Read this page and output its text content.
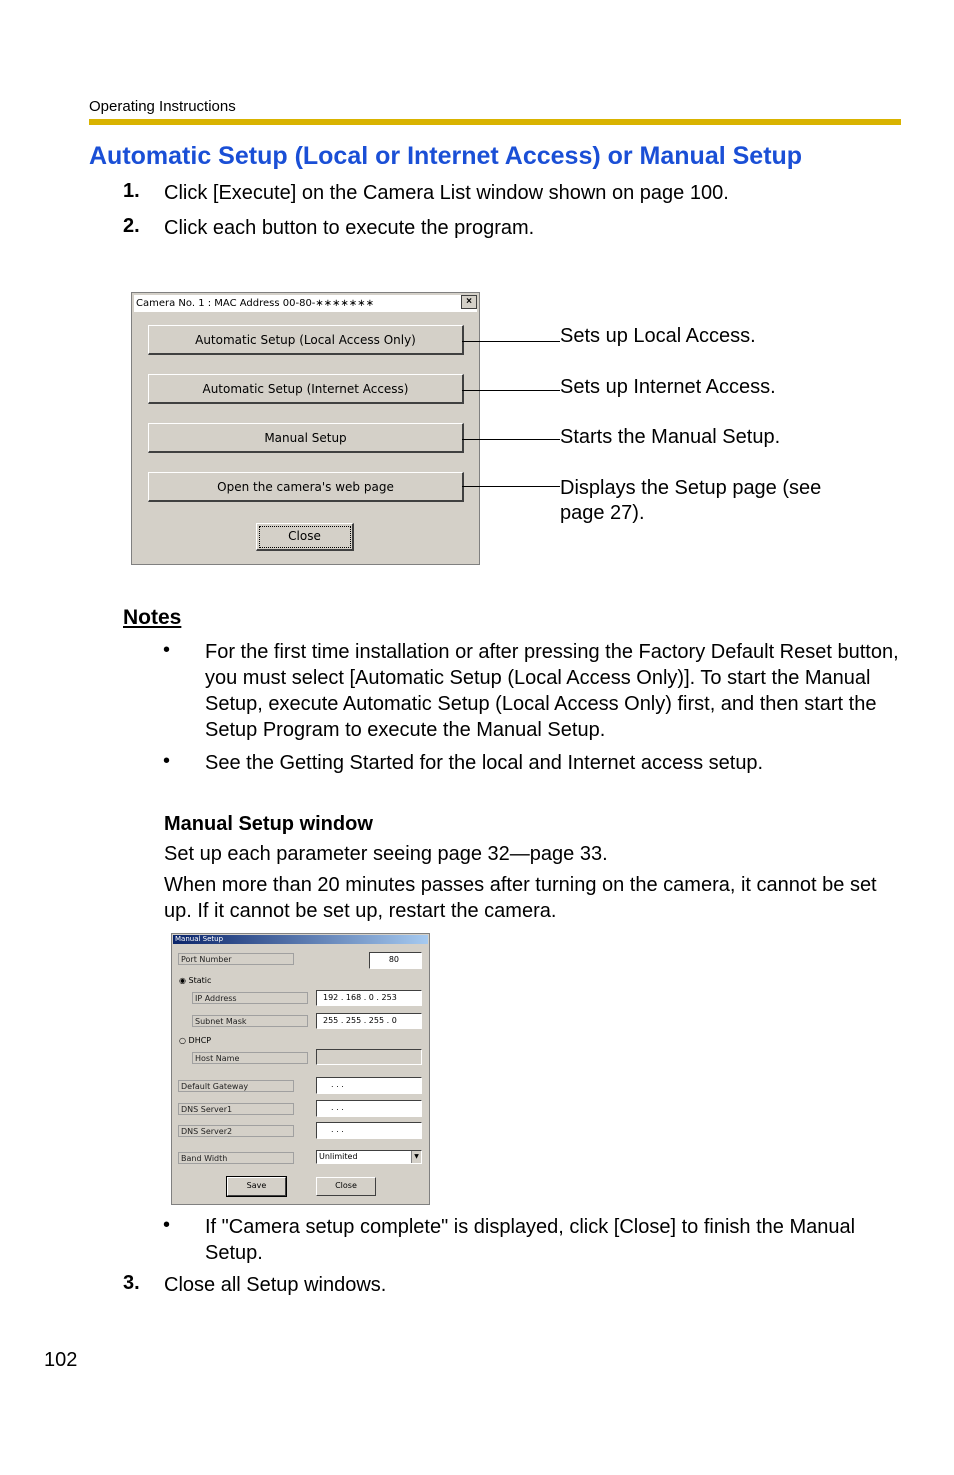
Operating Instructions
Automatic Setup (Local or Internet Access) or Manual Setup
1. Click [Execute] on the Camera List window shown on page 100.
2. Click each button to execute the program.
Camera No. 1 : MAC Address 00-80-∗∗∗∗∗∗∗	×
Automatic Setup (Local Access Only)
Automatic Setup (Internet Access)
Manual Setup
Open the camera's web page
Close
Sets up Local Access.
Sets up Internet Access.
Starts the Manual Setup.
Displays the Setup page (see page 27).
Notes
• For the first time installation or after pressing the Factory Default Reset button, you must select [Automatic Setup (Local Access Only)]. To start the Manual Setup, execute Automatic Setup (Local Access Only) first, and then start the Setup Program to execute the Manual Setup.
• See the Getting Started for the local and Internet access setup.
Manual Setup window
Set up each parameter seeing page 32—page 33.
When more than 20 minutes passes after turning on the camera, it cannot be set up. If it cannot be set up, restart the camera.
Manual Setup
Port Number	80
◉ Static
IP Address	192 . 168 . 0 . 253
Subnet Mask	255 . 255 . 255 . 0
○ DHCP
Host Name
Default Gateway	. . .
DNS Server1	. . .
DNS Server2	. . .
Band Width	Unlimited	▼
Save	Close
• If "Camera setup complete" is displayed, click [Close] to finish the Manual Setup.
3. Close all Setup windows.
102
